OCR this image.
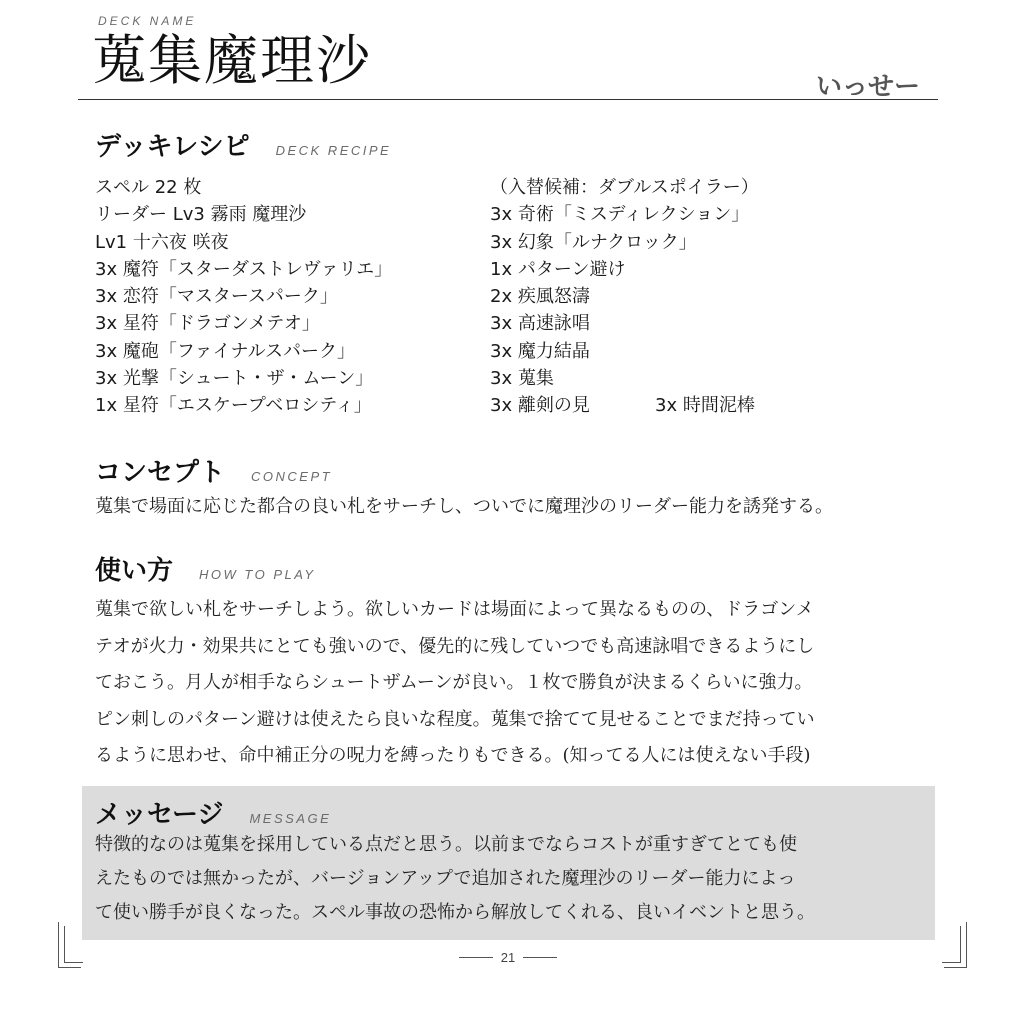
DECK NAME
蒐集魔理沙	いっせー
デッキレシピ DECK RECIPE
スペル 22 枚
リーダー Lv3 霧雨 魔理沙
Lv1 十六夜 咲夜
3x 魔符「スターダストレヴァリエ」
3x 恋符「マスタースパーク」
3x 星符「ドラゴンメテオ」
3x 魔砲「ファイナルスパーク」
3x 光撃「シュート・ザ・ムーン」
1x 星符「エスケープベロシティ」
（入替候補：ダブルスポイラー）
3x 奇術「ミスディレクション」
3x 幻象「ルナクロック」
1x パターン避け
2x 疾風怒濤
3x 高速詠唱
3x 魔力結晶
3x 蒐集
3x 離剣の見	3x 時間泥棒
コンセプト CONCEPT
蒐集で場面に応じた都合の良い札をサーチし、ついでに魔理沙のリーダー能力を誘発する。
使い方 HOW TO PLAY
蒐集で欲しい札をサーチしよう。欲しいカードは場面によって異なるものの、ドラゴンメ
テオが火力・効果共にとても強いので、優先的に残していつでも高速詠唱できるようにし
ておこう。月人が相手ならシュートザムーンが良い。１枚で勝負が決まるくらいに強力。
ピン刺しのパターン避けは使えたら良いな程度。蒐集で捨てて見せることでまだ持ってい
るように思わせ、命中補正分の呪力を縛ったりもできる。(知ってる人には使えない手段)
メッセージ MESSAGE
特徴的なのは蒐集を採用している点だと思う。以前までならコストが重すぎてとても使
えたものでは無かったが、バージョンアップで追加された魔理沙のリーダー能力によっ
て使い勝手が良くなった。スペル事故の恐怖から解放してくれる、良いイベントと思う。
21
